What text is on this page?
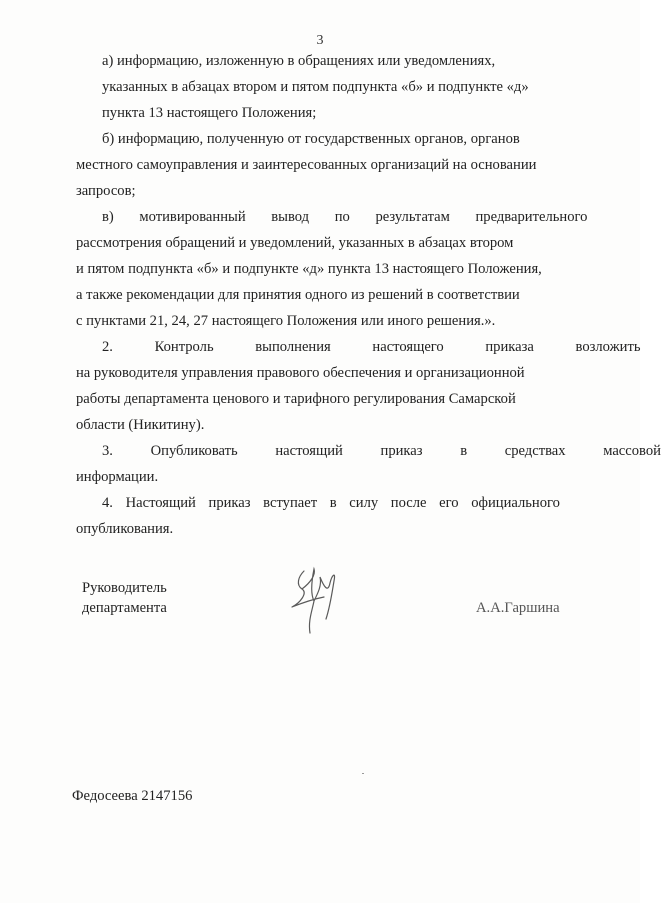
3

а) информацию, изложенную в обращениях или уведомлениях,
указанных в абзацах втором и пятом подпункта «б» и подпункте «д»
пункта 13 настоящего Положения;

б) информацию, полученную от государственных органов, органов
местного самоуправления и заинтересованных организаций на основании
запросов;

в) мотивированный вывод по результатам предварительного
рассмотрения обращений и уведомлений, указанных в абзацах втором
и пятом подпункта «б» и подпункте «д» пункта 13 настоящего Положения,
а также рекомендации для принятия одного из решений в соответствии
с пунктами 21, 24, 27 настоящего Положения или иного решения.».

2. Контроль выполнения настоящего приказа возложить
на руководителя управления правового обеспечения и организационной
работы департамента ценового и тарифного регулирования Самарской
области (Никитину).

3. Опубликовать настоящий приказ в средствах массовой
информации.

4. Настоящий приказ вступает в силу после его официального
опубликования.

Руководитель
департамента	А.А.Гаршина
Федосеева 2147156
